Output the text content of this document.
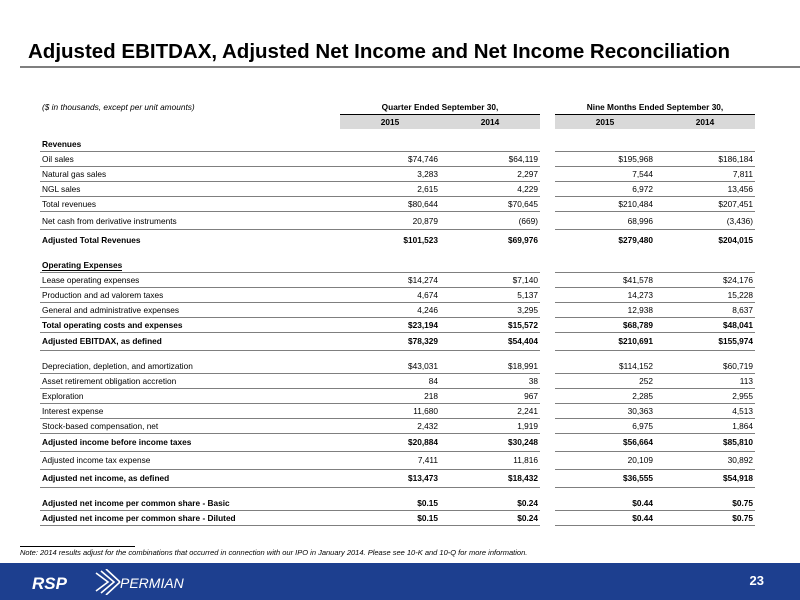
Adjusted EBITDAX, Adjusted Net Income and Net Income Reconciliation
($ in thousands, except per unit amounts)	Quarter Ended September 30,			Nine Months Ended September 30,	
	2015	2014		2015	2014

Revenues					
Oil sales	$74,746	$64,119		$195,968	$186,184
Natural gas sales	3,283	2,297		7,544	7,811
NGL sales	2,615	4,229		6,972	13,456
Total revenues	$80,644	$70,645		$210,484	$207,451
Net cash from derivative instruments	20,879	(669)		68,996	(3,436)
Adjusted Total Revenues	$101,523	$69,976		$279,480	$204,015

Operating Expenses					
Lease operating expenses	$14,274	$7,140		$41,578	$24,176
Production and ad valorem taxes	4,674	5,137		14,273	15,228
General and administrative expenses	4,246	3,295		12,938	8,637
Total operating costs and expenses	$23,194	$15,572		$68,789	$48,041
Adjusted EBITDAX, as defined	$78,329	$54,404		$210,691	$155,974

Depreciation, depletion, and amortization	$43,031	$18,991		$114,152	$60,719
Asset retirement obligation accretion	84	38		252	113
Exploration	218	967		2,285	2,955
Interest expense	11,680	2,241		30,363	4,513
Stock-based compensation, net	2,432	1,919		6,975	1,864
Adjusted income before income taxes	$20,884	$30,248		$56,664	$85,810
Adjusted income tax expense	7,411	11,816		20,109	30,892
Adjusted net income, as defined	$13,473	$18,432		$36,555	$54,918

Adjusted net income per common share - Basic	$0.15	$0.24		$0.44	$0.75
Adjusted net income per common share - Diluted	$0.15	$0.24		$0.44	$0.75
Note: 2014 results adjust for the combinations that occurred in connection with our IPO in January 2014. Please see 10-K and 10-Q for more information.
RSP	PERMIAN	23
